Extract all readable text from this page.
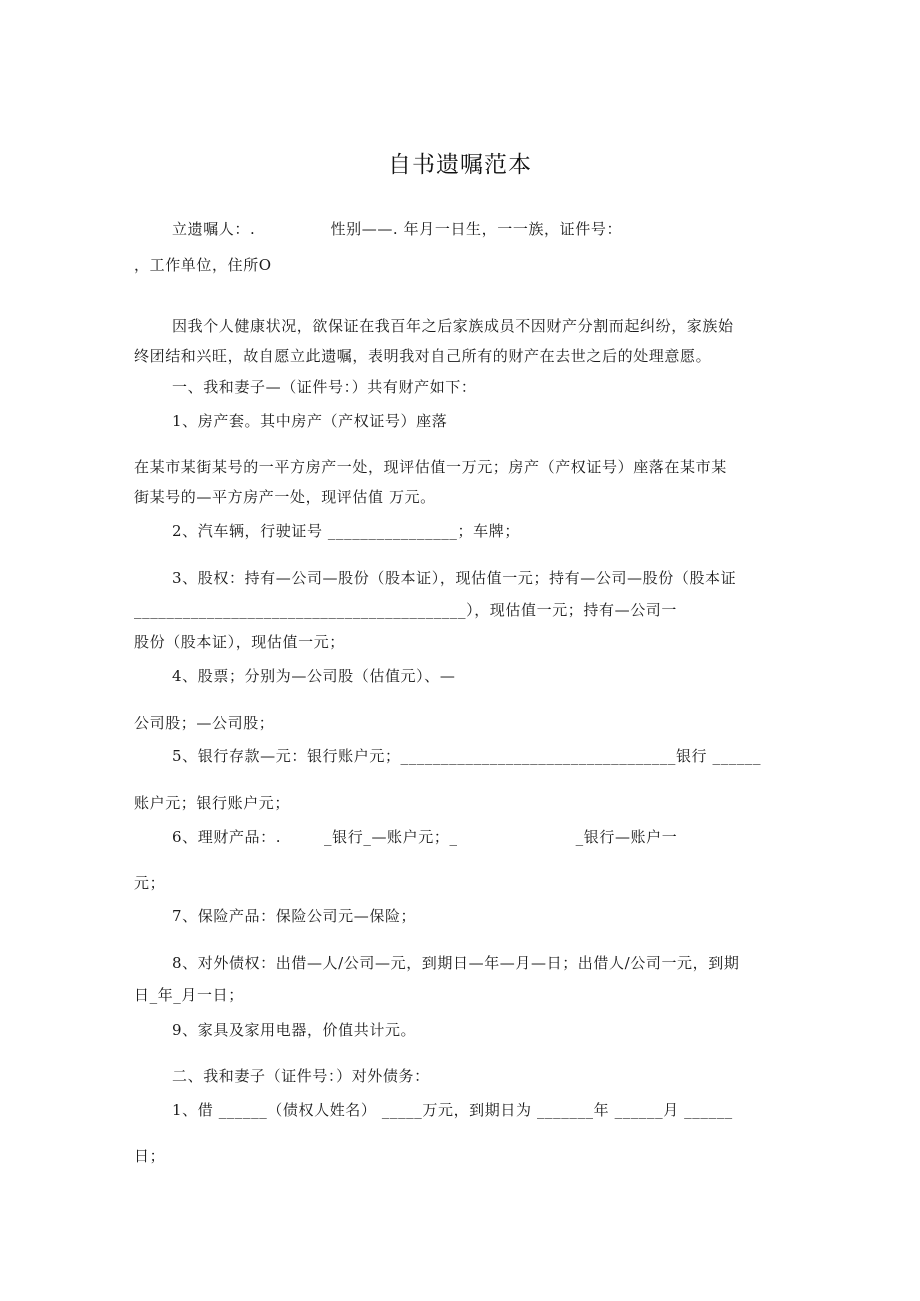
自书遗嘱范本
立遗嘱人：.              性别——. 年月一日生，一一族，证件号：
，工作单位，住所O
因我个人健康状况，欲保证在我百年之后家族成员不因财产分割而起纠纷，家族始
终团结和兴旺，故自愿立此遗嘱，表明我对自己所有的财产在去世之后的处理意愿。
一、我和妻子—（证件号：）共有财产如下：
1、房产套。其中房产（产权证号）座落
在某市某街某号的一平方房产一处，现评估值一万元；房产（产权证号）座落在某市某
街某号的—平方房产一处，现评估值 万元。
2、汽车辆，行驶证号 ________________；车牌；
3、股权：持有—公司—股份（股本证），现估值一元；持有—公司—股份（股本证
_________________________________________），现估值一元；持有—公司一
股份（股本证），现估值一元；
4、股票；分别为—公司股（估值元）、—
公司股；—公司股；
5、银行存款—元：银行账户元；__________________________________银行 ______
账户元；银行账户元；
6、理财产品：.        _银行_—账户元；_                      _银行—账户一
元；
7、保险产品：保险公司元—保险；
8、对外债权：出借—人/公司—元，到期日—年—月—日；出借人/公司一元，到期
日_年_月一日；
9、家具及家用电器，价值共计元。
二、我和妻子（证件号：）对外债务：
1、借 ______（债权人姓名） _____万元，到期日为 _______年 ______月 ______
日；
